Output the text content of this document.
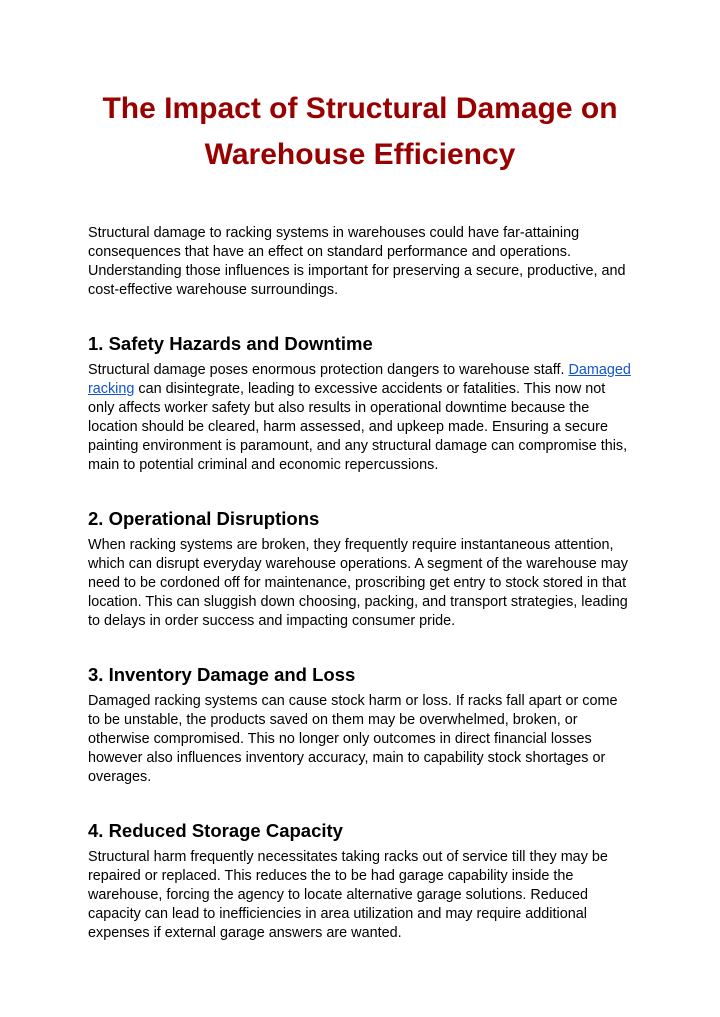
The Impact of Structural Damage on Warehouse Efficiency

Structural damage to racking systems in warehouses could have far-attaining consequences that have an effect on standard performance and operations. Understanding those influences is important for preserving a secure, productive, and cost-effective warehouse surroundings.

1. Safety Hazards and Downtime

Structural damage poses enormous protection dangers to warehouse staff. Damaged racking can disintegrate, leading to excessive accidents or fatalities. This now not only affects worker safety but also results in operational downtime because the location should be cleared, harm assessed, and upkeep made. Ensuring a secure painting environment is paramount, and any structural damage can compromise this, main to potential criminal and economic repercussions.

2. Operational Disruptions

When racking systems are broken, they frequently require instantaneous attention, which can disrupt everyday warehouse operations. A segment of the warehouse may need to be cordoned off for maintenance, proscribing get entry to stock stored in that location. This can sluggish down choosing, packing, and transport strategies, leading to delays in order success and impacting consumer pride.

3. Inventory Damage and Loss

Damaged racking systems can cause stock harm or loss. If racks fall apart or come to be unstable, the products saved on them may be overwhelmed, broken, or otherwise compromised. This no longer only outcomes in direct financial losses however also influences inventory accuracy, main to capability stock shortages or overages.

4. Reduced Storage Capacity

Structural harm frequently necessitates taking racks out of service till they may be repaired or replaced. This reduces the to be had garage capability inside the warehouse, forcing the agency to locate alternative garage solutions. Reduced capacity can lead to inefficiencies in area utilization and may require additional expenses if external garage answers are wanted.
